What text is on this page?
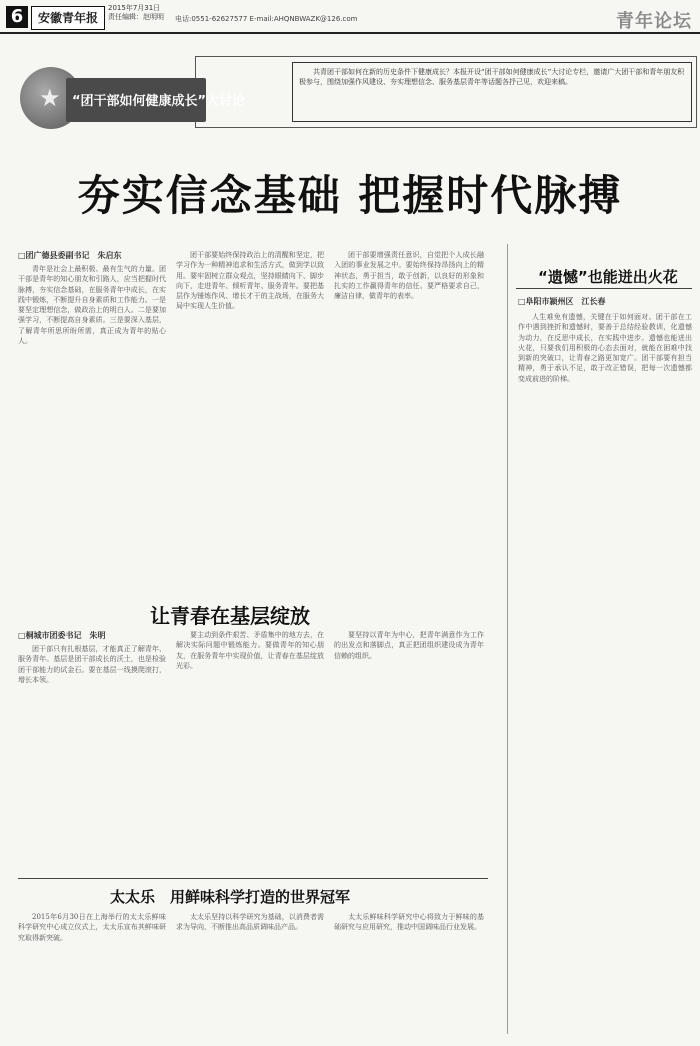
6	安徽青年报
2015年7月31日
责任编辑：赵明明 电话:0551-62627577 E-mail:AHQNBWAZK@126.com	青年论坛
★ “团干部如何健康成长”大讨论
共青团干部如何在新的历史条件下健康成长？本报开设“团干部如何健康成长”大讨论专栏，邀请广大团干部和青年朋友积极参与，围绕加强作风建设、夯实理想信念、服务基层青年等话题各抒己见，欢迎来稿。
夯实信念基础 把握时代脉搏
□团广德县委副书记　朱启东
青年是社会上最积极、最有生气的力量。团干部是青年的知心朋友和引路人，应当把握时代脉搏，夯实信念基础，在服务青年中成长，在实践中锻炼，不断提升自身素质和工作能力。一是要坚定理想信念，做政治上的明白人。二是要加强学习，不断提高自身素质。三是要深入基层，了解青年所思所盼所需，真正成为青年的贴心人。
团干部要始终保持政治上的清醒和坚定，把学习作为一种精神追求和生活方式，做到学以致用。要牢固树立群众观点，坚持眼睛向下、脚步向下，走进青年、倾听青年、服务青年。要把基层作为锤炼作风、增长才干的主战场，在服务大局中实现人生价值。
团干部要增强责任意识，自觉把个人成长融入团的事业发展之中。要始终保持昂扬向上的精神状态，勇于担当，敢于创新，以良好的形象和扎实的工作赢得青年的信任。要严格要求自己，廉洁自律，做青年的表率。
让青春在基层绽放
□桐城市团委书记　朱明
团干部只有扎根基层，才能真正了解青年、服务青年。基层是团干部成长的沃土，也是检验团干部能力的试金石。要在基层一线摸爬滚打，增长本领。
要主动到条件艰苦、矛盾集中的地方去，在解决实际问题中锻炼能力。要做青年的知心朋友，在服务青年中实现价值，让青春在基层绽放光彩。
要坚持以青年为中心，把青年满意作为工作的出发点和落脚点，真正把团组织建设成为青年信赖的组织。
太太乐　用鲜味科学打造的世界冠军
2015年6月30日在上海举行的太太乐鲜味科学研究中心成立仪式上，太太乐宣布其鲜味研究取得新突破。
太太乐坚持以科学研究为基础，以消费者需求为导向，不断推出高品质调味品产品。
太太乐鲜味科学研究中心将致力于鲜味的基础研究与应用研究，推动中国调味品行业发展。
“遗憾”也能迸出火花
□阜阳市颍州区　江长春
人生难免有遗憾，关键在于如何面对。团干部在工作中遇到挫折和遗憾时，要善于总结经验教训，化遗憾为动力，在反思中成长，在实践中进步。遗憾也能迸出火花，只要我们用积极的心态去面对，就能在困难中找到新的突破口，让青春之路更加宽广。团干部要有担当精神，勇于承认不足，敢于改正错误，把每一次遗憾都变成前进的阶梯。
